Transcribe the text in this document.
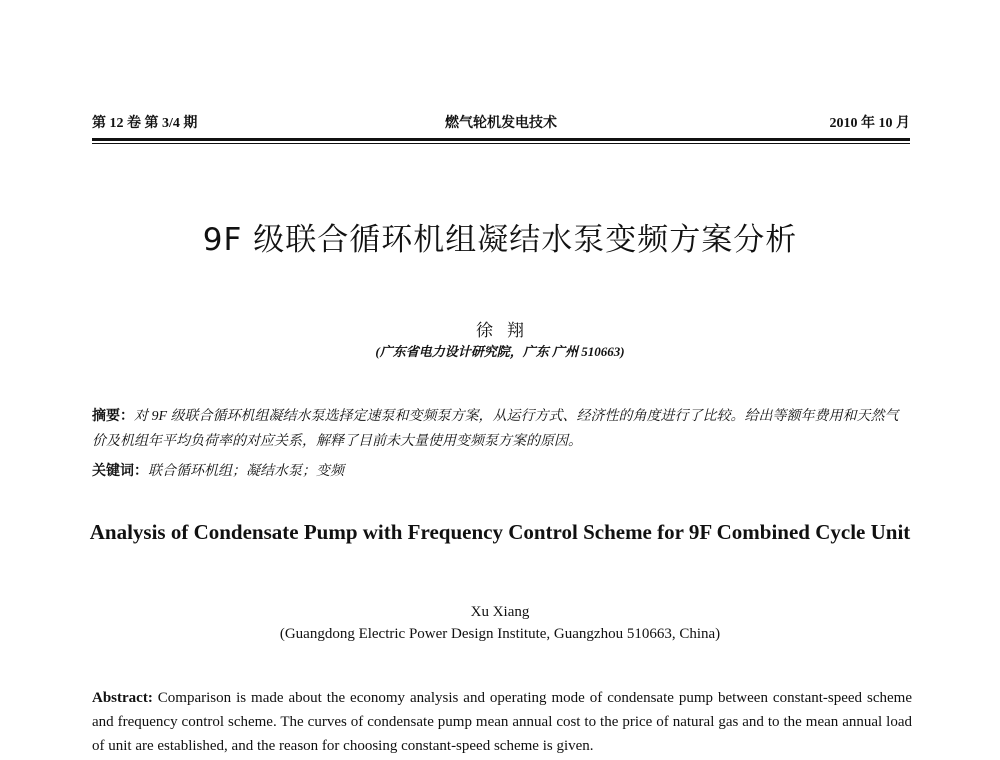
第 12 卷 第 3/4 期	燃气轮机发电技术	2010 年 10 月
9F 级联合循环机组凝结水泵变频方案分析
徐翔
(广东省电力设计研究院，广东 广州 510663)
摘要：对 9F 级联合循环机组凝结水泵选择定速泵和变频泵方案，从运行方式、经济性的角度进行了比较。给出等额年费用和天然气价及机组年平均负荷率的对应关系，解释了目前未大量使用变频泵方案的原因。
关键词：联合循环机组；凝结水泵；变频
Analysis of Condensate Pump with Frequency Control Scheme for 9F Combined Cycle Unit
Xu Xiang
(Guangdong Electric Power Design Institute, Guangzhou 510663, China)
Abstract: Comparison is made about the economy analysis and operating mode of condensate pump between constant-speed scheme and frequency control scheme. The curves of condensate pump mean annual cost to the price of natural gas and to the mean annual load of unit are established, and the reason for choosing constant-speed scheme is given.
